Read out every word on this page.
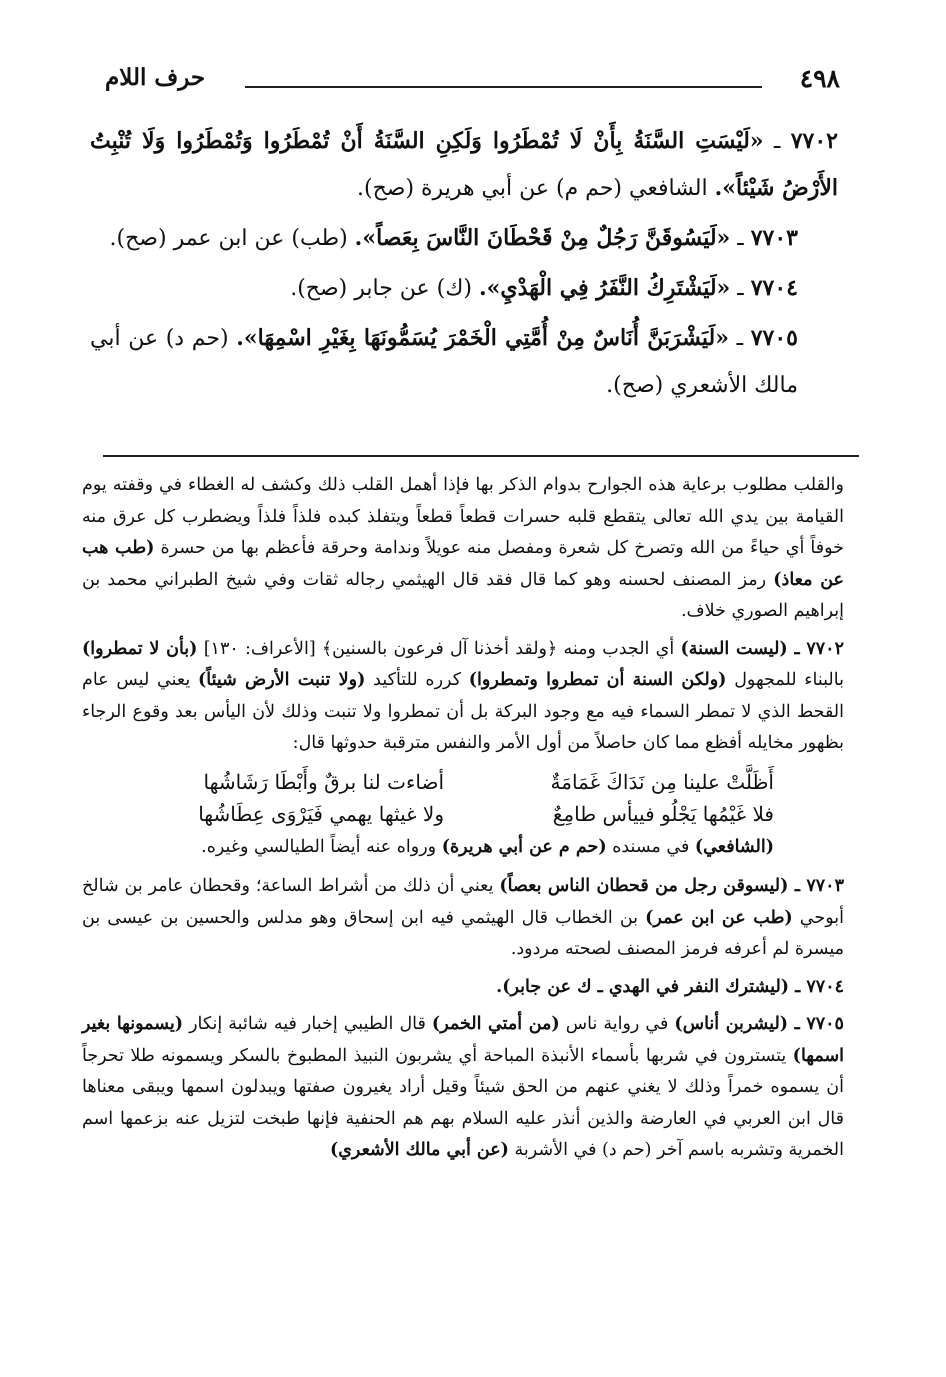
٤٩٨
حرف اللام

٧٧٠٢ ـ «لَيْسَتِ السَّنَةُ بِأَنْ لَا تُمْطَرُوا وَلَكِنِ السَّنَةُ أَنْ تُمْطَرُوا وَتُمْطَرُوا وَلَا تُنْبِتُ الأَرْضُ شَيْئاً». الشافعي (حم م) عن أبي هريرة (صح).

٧٧٠٣ ـ «لَيَسُوقَنَّ رَجُلٌ مِنْ قَحْطَانَ النَّاسَ بِعَصاً». (طب) عن ابن عمر (صح).

٧٧٠٤ ـ «لَيَشْتَرِكُ النَّفَرُ فِي الْهَدْيِ». (ك) عن جابر (صح).

٧٧٠٥ ـ «لَيَشْرَبَنَّ أُنَاسٌ مِنْ أُمَّتِي الْخَمْرَ يُسَمُّونَهَا بِغَيْرِ اسْمِهَا». (حم د) عن أبي مالك الأشعري (صح).

والقلب مطلوب برعاية هذه الجوارح بدوام الذكر بها فإذا أهمل القلب ذلك وكشف له الغطاء في وقفته يوم القيامة بين يدي الله تعالى يتقطع قلبه حسرات قطعاً قطعاً ويتفلذ كبده فلذاً فلذاً ويضطرب كل عرق منه خوفاً أي حياءً من الله وتصرخ كل شعرة ومفصل منه عويلاً وندامة وحرقة فأعظم بها من حسرة (طب هب عن معاذ) رمز المصنف لحسنه وهو كما قال فقد قال الهيثمي رجاله ثقات وفي شيخ الطبراني محمد بن إبراهيم الصوري خلاف.

٧٧٠٢ ـ (ليست السنة) أي الجدب ومنه ﴿ولقد أخذنا آل فرعون بالسنين﴾ [الأعراف: ١٣٠] (بأن لا تمطروا) بالبناء للمجهول (ولكن السنة أن تمطروا وتمطروا) كرره للتأكيد (ولا تنبت الأرض شيئاً) يعني ليس عام القحط الذي لا تمطر السماء فيه مع وجود البركة بل أن تمطروا ولا تنبت وذلك لأن اليأس بعد وقوع الرجاء بظهور مخايله أفظع مما كان حاصلاً من أول الأمر والنفس مترقبة حدوثها قال:

أَظَلَّتْ علينا مِن نَدَاكَ غَمَامَةٌ
أضاءت لنا برقٌ وأَبْطَا رَشَاشُها
فلا غَيْمُها يَجْلُو فييأس طامِعٌ
ولا غيثها يهمي فَيَرْوَى عِطَاشُها

(الشافعي) في مسنده (حم م عن أبي هريرة) ورواه عنه أيضاً الطيالسي وغيره.

٧٧٠٣ ـ (ليسوقن رجل من قحطان الناس بعصاً) يعني أن ذلك من أشراط الساعة؛ وقحطان عامر بن شالخ أبوحي (طب عن ابن عمر) بن الخطاب قال الهيثمي فيه ابن إسحاق وهو مدلس والحسين بن عيسى بن ميسرة لم أعرفه فرمز المصنف لصحته مردود.

٧٧٠٤ ـ (ليشترك النفر في الهدي ـ ك عن جابر).

٧٧٠٥ ـ (ليشربن أناس) في رواية ناس (من أمتي الخمر) قال الطيبي إخبار فيه شائبة إنكار (يسمونها بغير اسمها) يتسترون في شربها بأسماء الأنبذة المباحة أي يشربون النبيذ المطبوخ بالسكر ويسمونه طلا تحرجاً أن يسموه خمراً وذلك لا يغني عنهم من الحق شيئاً وقيل أراد يغيرون صفتها ويبدلون اسمها ويبقى معناها قال ابن العربي في العارضة والذين أنذر عليه السلام بهم هم الحنفية فإنها طبخت لتزيل عنه بزعمها اسم الخمرية وتشربه باسم آخر (حم د) في الأشربة (عن أبي مالك الأشعري)
